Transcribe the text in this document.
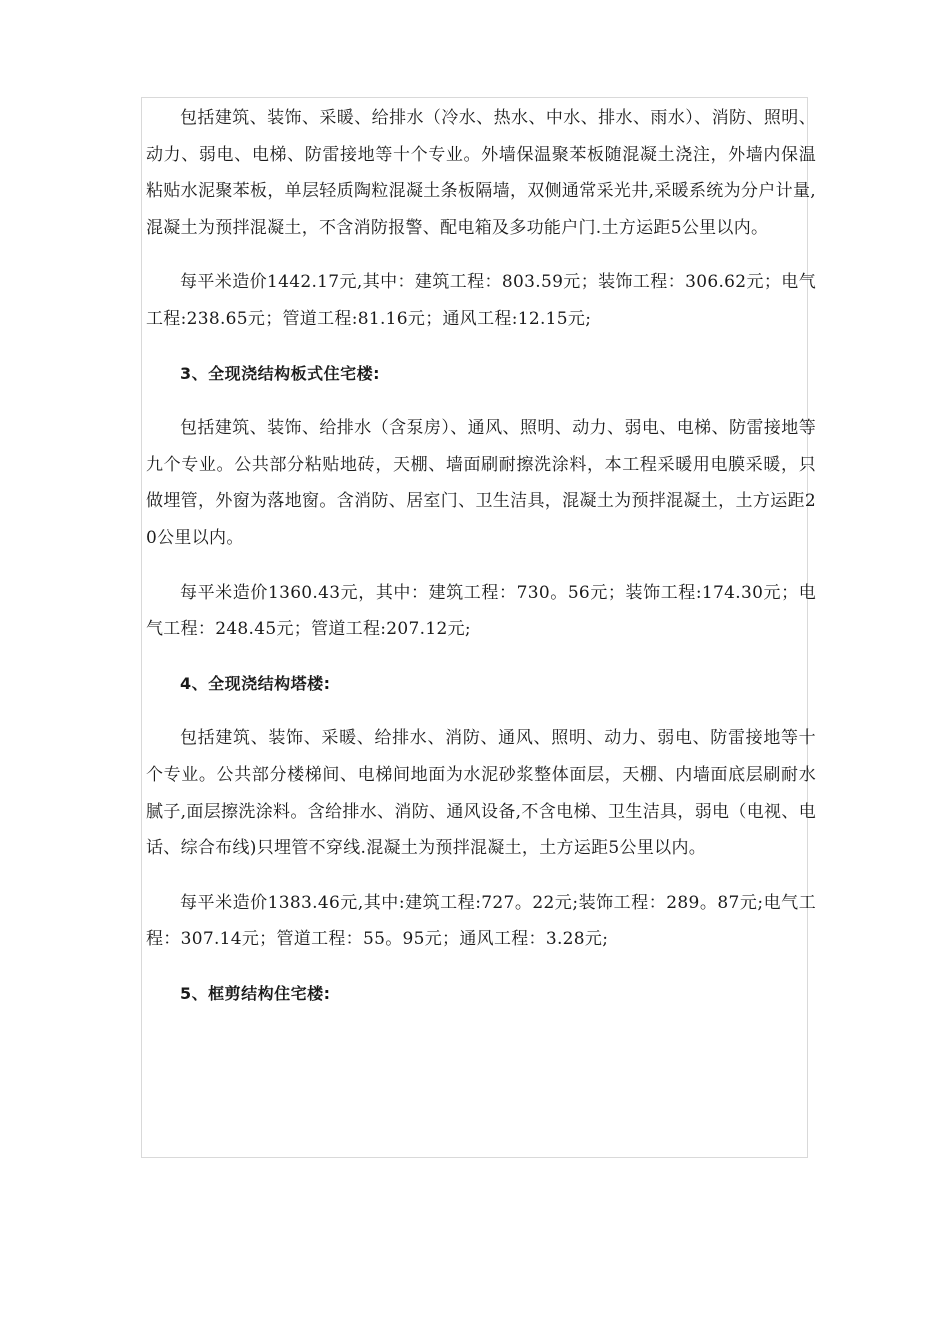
包括建筑、装饰、采暖、给排水（冷水、热水、中水、排水、雨水）、消防、照明、动力、弱电、电梯、防雷接地等十个专业。外墙保温聚苯板随混凝土浇注，外墙内保温粘贴水泥聚苯板，单层轻质陶粒混凝土条板隔墙，双侧通常采光井,采暖系统为分户计量,混凝土为预拌混凝土，不含消防报警、配电箱及多功能户门.土方运距5公里以内。

每平米造价1442.17元,其中：建筑工程：803.59元；装饰工程：306.62元；电气工程:238.65元；管道工程:81.16元；通风工程:12.15元;

3、全现浇结构板式住宅楼:

包括建筑、装饰、给排水（含泵房）、通风、照明、动力、弱电、电梯、防雷接地等九个专业。公共部分粘贴地砖，天棚、墙面刷耐擦洗涂料，本工程采暖用电膜采暖，只做埋管，外窗为落地窗。含消防、居室门、卫生洁具，混凝土为预拌混凝土，土方运距20公里以内。

每平米造价1360.43元，其中：建筑工程：730。56元；装饰工程:174.30元；电气工程：248.45元；管道工程:207.12元;

4、全现浇结构塔楼:

包括建筑、装饰、采暖、给排水、消防、通风、照明、动力、弱电、防雷接地等十个专业。公共部分楼梯间、电梯间地面为水泥砂浆整体面层，天棚、内墙面底层刷耐水腻子,面层擦洗涂料。含给排水、消防、通风设备,不含电梯、卫生洁具，弱电（电视、电话、综合布线)只埋管不穿线.混凝土为预拌混凝土，土方运距5公里以内。

每平米造价1383.46元,其中:建筑工程:727。22元;装饰工程：289。87元;电气工程：307.14元；管道工程：55。95元；通风工程：3.28元;

5、框剪结构住宅楼:
